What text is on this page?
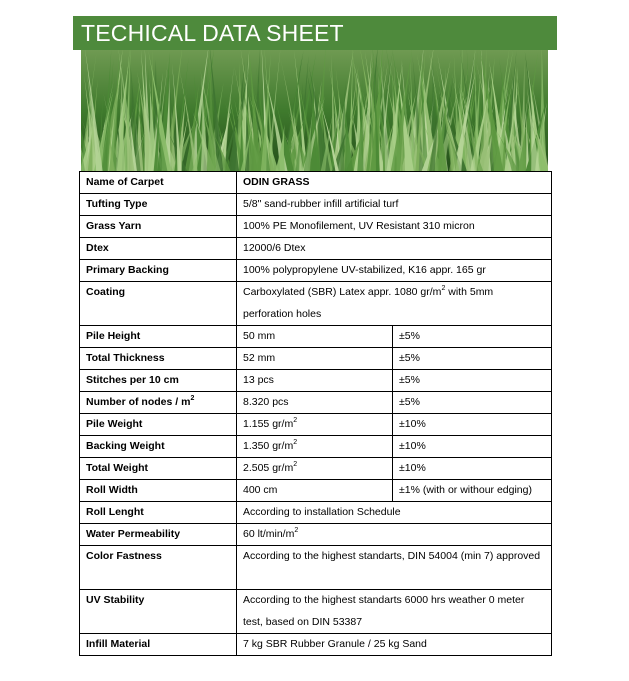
TECHICAL DATA SHEET
Name of Carpet	ODIN GRASS	
Tufting Type	5/8" sand-rubber infill artificial turf	
Grass Yarn	100% PE Monofilement, UV Resistant 310 micron	
Dtex	12000/6 Dtex	
Primary Backing	100% polypropylene UV-stabilized, K16 appr. 165 gr	
Coating	Carboxylated (SBR) Latex appr. 1080 $gr/m^2$ with 5mm perforation holes	
Pile Height	50 mm	±5%
Total Thickness	52 mm	±5%
Stitches per 10 cm	13 pcs	±5%
Number of nodes / $m^2$	8.320 pcs	±5%
Pile Weight	1.155 $gr/m^2$	±10%
Backing Weight	1.350 $gr/m^2$	±10%
Total Weight	2.505 $gr/m^2$	±10%
Roll Width	400 cm	±1% (with or withour edging)
Roll Lenght	According to installation Schedule	
Water Permeability	60 $lt/\min/m^2$
Color Fastness	According to the highest standarts, DIN 54004 (min 7) approved	
UV Stability	According to the highest standarts 6000 hrs weather 0 meter test, based on DIN 53387	
Infill Material	7 kg SBR Rubber Granule / 25 kg Sand	
